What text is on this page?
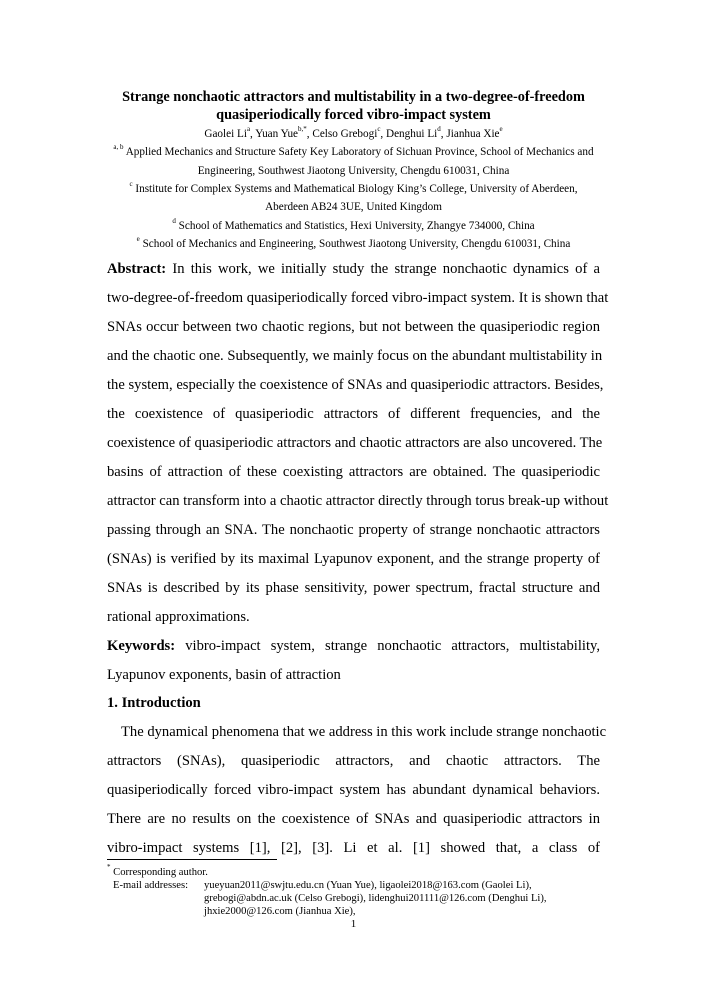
Strange nonchaotic attractors and multistability in a two-degree-of-freedom
quasiperiodically forced vibro-impact system
Gaolei Li$^a$, Yuan Yue$^{b,*}$, Celso Grebogi$^c$, Denghui Li$^d$, Jianhua Xie$^e$
$^{a, b}$ Applied Mechanics and Structure Safety Key Laboratory of Sichuan Province, School of Mechanics and
Engineering, Southwest Jiaotong University, Chengdu 610031, China
$^c$ Institute for Complex Systems and Mathematical Biology King’s College, University of Aberdeen,
Aberdeen AB24 3UE, United Kingdom
$^d$ School of Mathematics and Statistics, Hexi University, Zhangye 734000, China
$^e$ School of Mechanics and Engineering, Southwest Jiaotong University, Chengdu 610031, China
Abstract: In this work, we initially study the strange nonchaotic dynamics of a
two-degree-of-freedom quasiperiodically forced vibro-impact system. It is shown that
SNAs occur between two chaotic regions, but not between the quasiperiodic region
and the chaotic one. Subsequently, we mainly focus on the abundant multistability in
the system, especially the coexistence of SNAs and quasiperiodic attractors. Besides,
the coexistence of quasiperiodic attractors of different frequencies, and the
coexistence of quasiperiodic attractors and chaotic attractors are also uncovered. The
basins of attraction of these coexisting attractors are obtained. The quasiperiodic
attractor can transform into a chaotic attractor directly through torus break-up without
passing through an SNA. The nonchaotic property of strange nonchaotic attractors
(SNAs) is verified by its maximal Lyapunov exponent, and the strange property of
SNAs is described by its phase sensitivity, power spectrum, fractal structure and
rational approximations.
Keywords: vibro-impact system, strange nonchaotic attractors, multistability,
Lyapunov exponents, basin of attraction
1. Introduction
The dynamical phenomena that we address in this work include strange nonchaotic
attractors (SNAs), quasiperiodic attractors, and chaotic attractors. The
quasiperiodically forced vibro-impact system has abundant dynamical behaviors.
There are no results on the coexistence of SNAs and quasiperiodic attractors in
vibro-impact systems [1], [2], [3]. Li et al. [1] showed that, a class of
* Corresponding author.
E-mail addresses: yueyuan2011@swjtu.edu.cn (Yuan Yue), ligaolei2018@163.com (Gaolei Li),
grebogi@abdn.ac.uk (Celso Grebogi), lidenghui201111@126.com (Denghui Li),
jhxie2000@126.com (Jianhua Xie),
1
